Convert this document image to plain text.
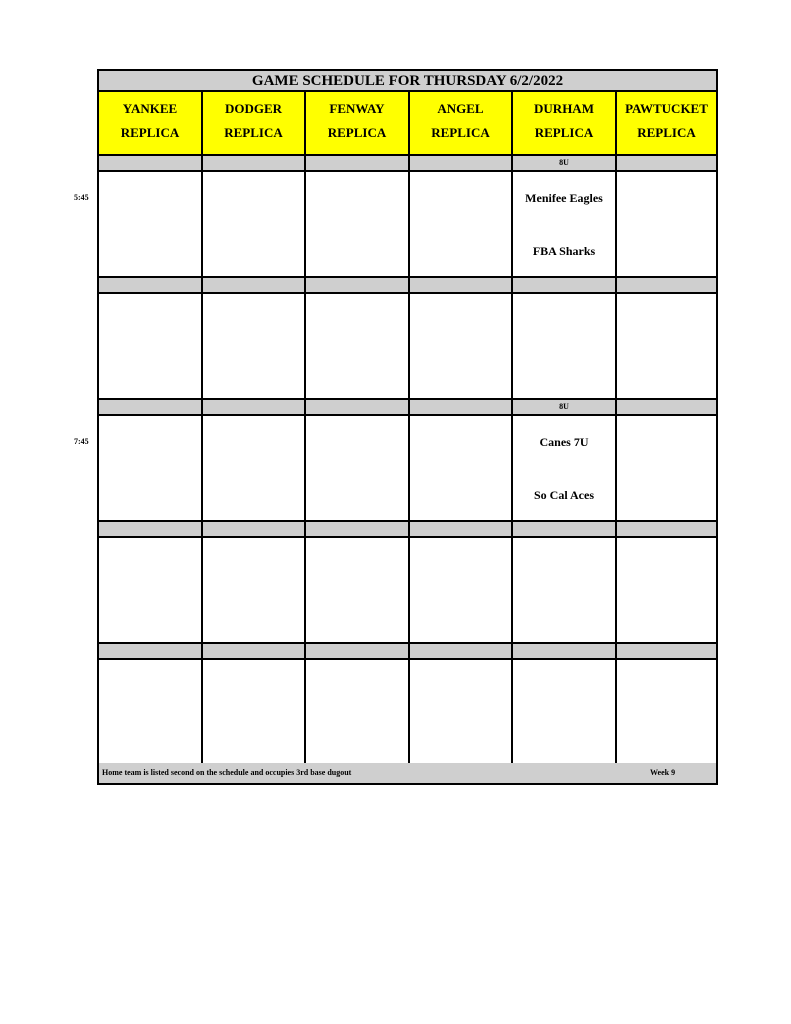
GAME SCHEDULE FOR THURSDAY 6/2/2022
YANKEE
REPLICA
DODGER
REPLICA
FENWAY
REPLICA
ANGEL
REPLICA
DURHAM
REPLICA
PAWTUCKET
REPLICA
8U
Menifee Eagles
FBA Sharks
8U
Canes 7U
So Cal Aces
Home team is listed second on the schedule and occupies 3rd base dugout	Week 9
5:45
7:45
